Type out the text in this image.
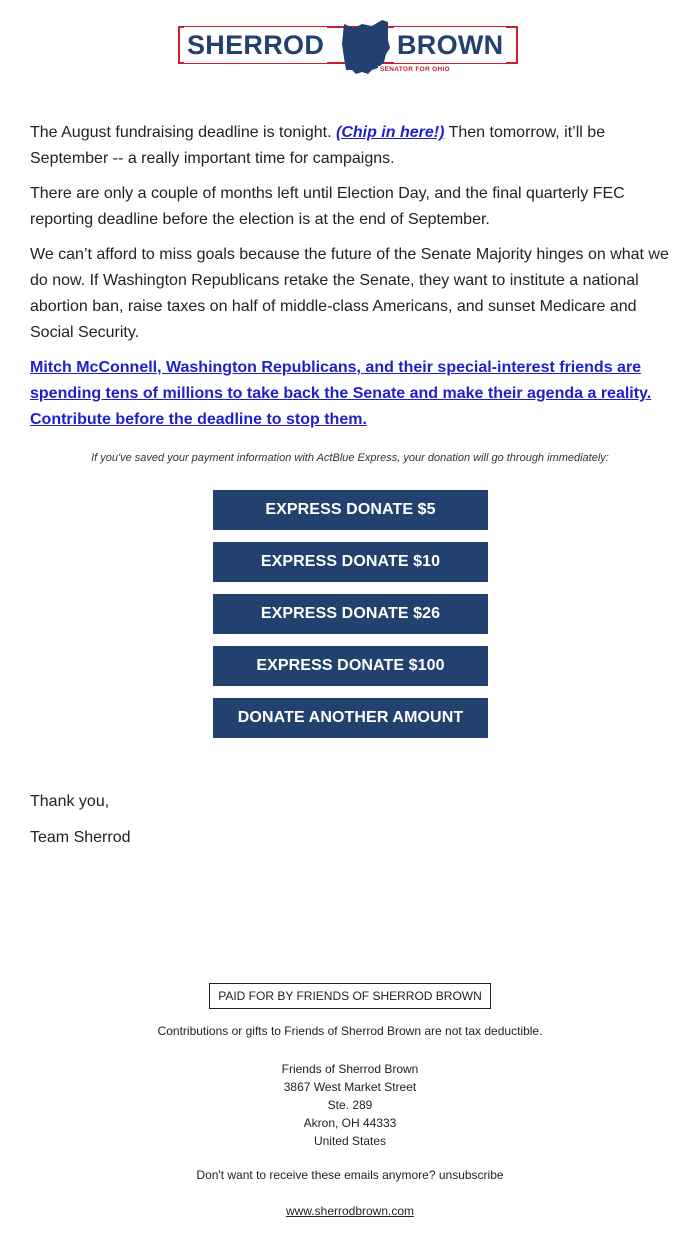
SHERROD	BROWN
SENATOR FOR OHIO

The August fundraising deadline is tonight. (Chip in here!) Then tomorrow, it’ll be September -- a really important time for campaigns.

There are only a couple of months left until Election Day, and the final quarterly FEC reporting deadline before the election is at the end of September.

We can’t afford to miss goals because the future of the Senate Majority hinges on what we do now. If Washington Republicans retake the Senate, they want to institute a national abortion ban, raise taxes on half of middle-class Americans, and sunset Medicare and Social Security.

Mitch McConnell, Washington Republicans, and their special-interest friends are spending tens of millions to take back the Senate and make their agenda a reality. Contribute before the deadline to stop them.

If you've saved your payment information with ActBlue Express, your donation will go through immediately:
EXPRESS DONATE $5
EXPRESS DONATE $10
EXPRESS DONATE $26
EXPRESS DONATE $100
DONATE ANOTHER AMOUNT
Thank you,
Team Sherrod
PAID FOR BY FRIENDS OF SHERROD BROWN
Contributions or gifts to Friends of Sherrod Brown are not tax deductible.
Friends of Sherrod Brown
3867 West Market Street
Ste. 289
Akron, OH 44333
United States
Don't want to receive these emails anymore? unsubscribe
www.sherrodbrown.com
